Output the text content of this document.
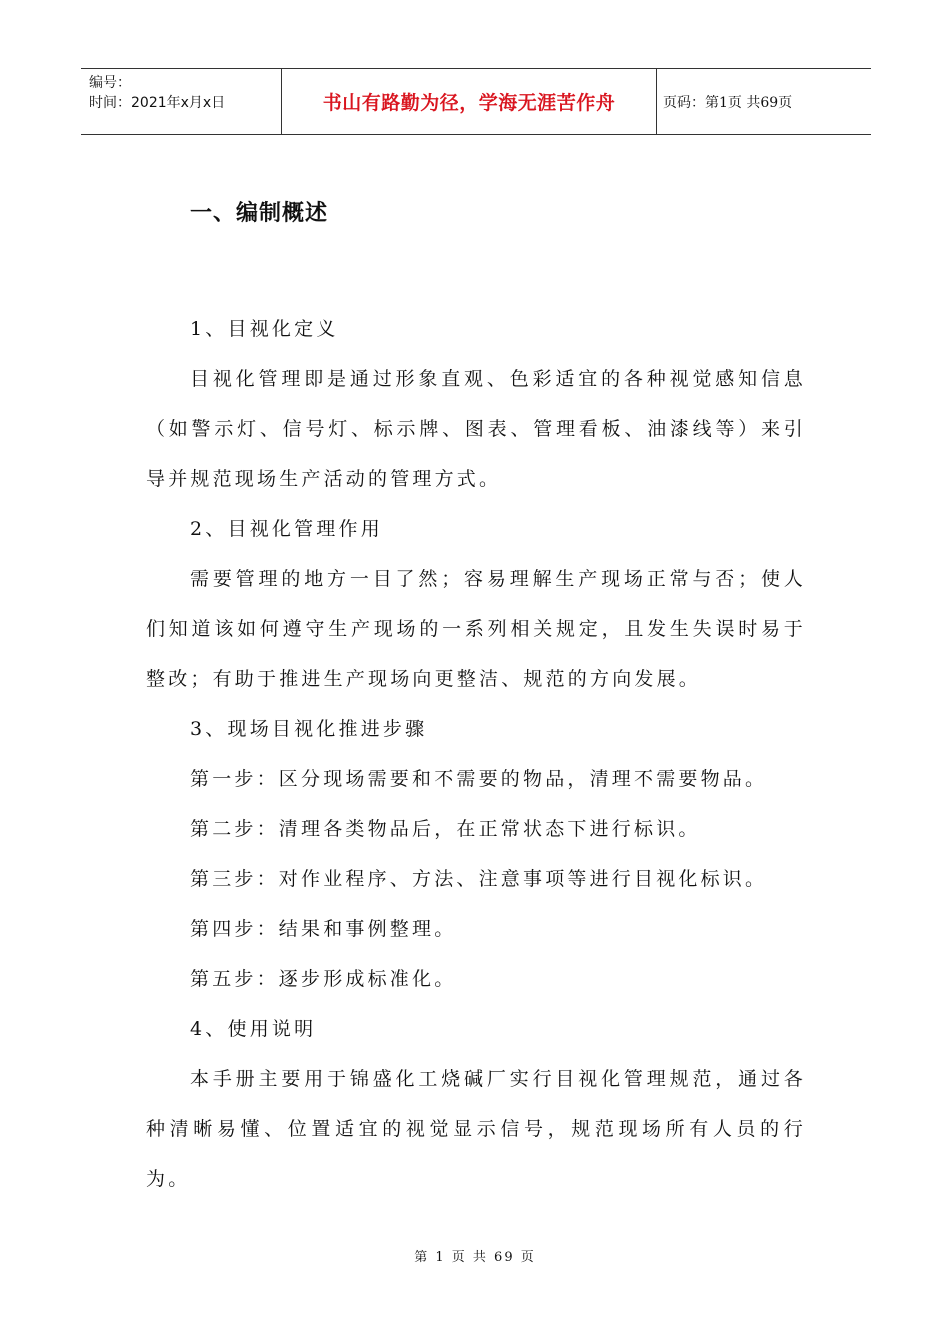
编号：
时间：2021年x月x日	书山有路勤为径，学海无涯苦作舟	页码：第1页 共69页
一、编制概述

1、目视化定义

目视化管理即是通过形象直观、色彩适宜的各种视觉感知信息（如警示灯、信号灯、标示牌、图表、管理看板、油漆线等）来引导并规范现场生产活动的管理方式。

2、目视化管理作用

需要管理的地方一目了然；容易理解生产现场正常与否；使人们知道该如何遵守生产现场的一系列相关规定，且发生失误时易于整改；有助于推进生产现场向更整洁、规范的方向发展。

3、现场目视化推进步骤

第一步：区分现场需要和不需要的物品，清理不需要物品。

第二步：清理各类物品后，在正常状态下进行标识。

第三步：对作业程序、方法、注意事项等进行目视化标识。

第四步：结果和事例整理。

第五步：逐步形成标准化。

4、使用说明

本手册主要用于锦盛化工烧碱厂实行目视化管理规范，通过各种清晰易懂、位置适宜的视觉显示信号，规范现场所有人员的行为。

第 1 页 共 69 页
